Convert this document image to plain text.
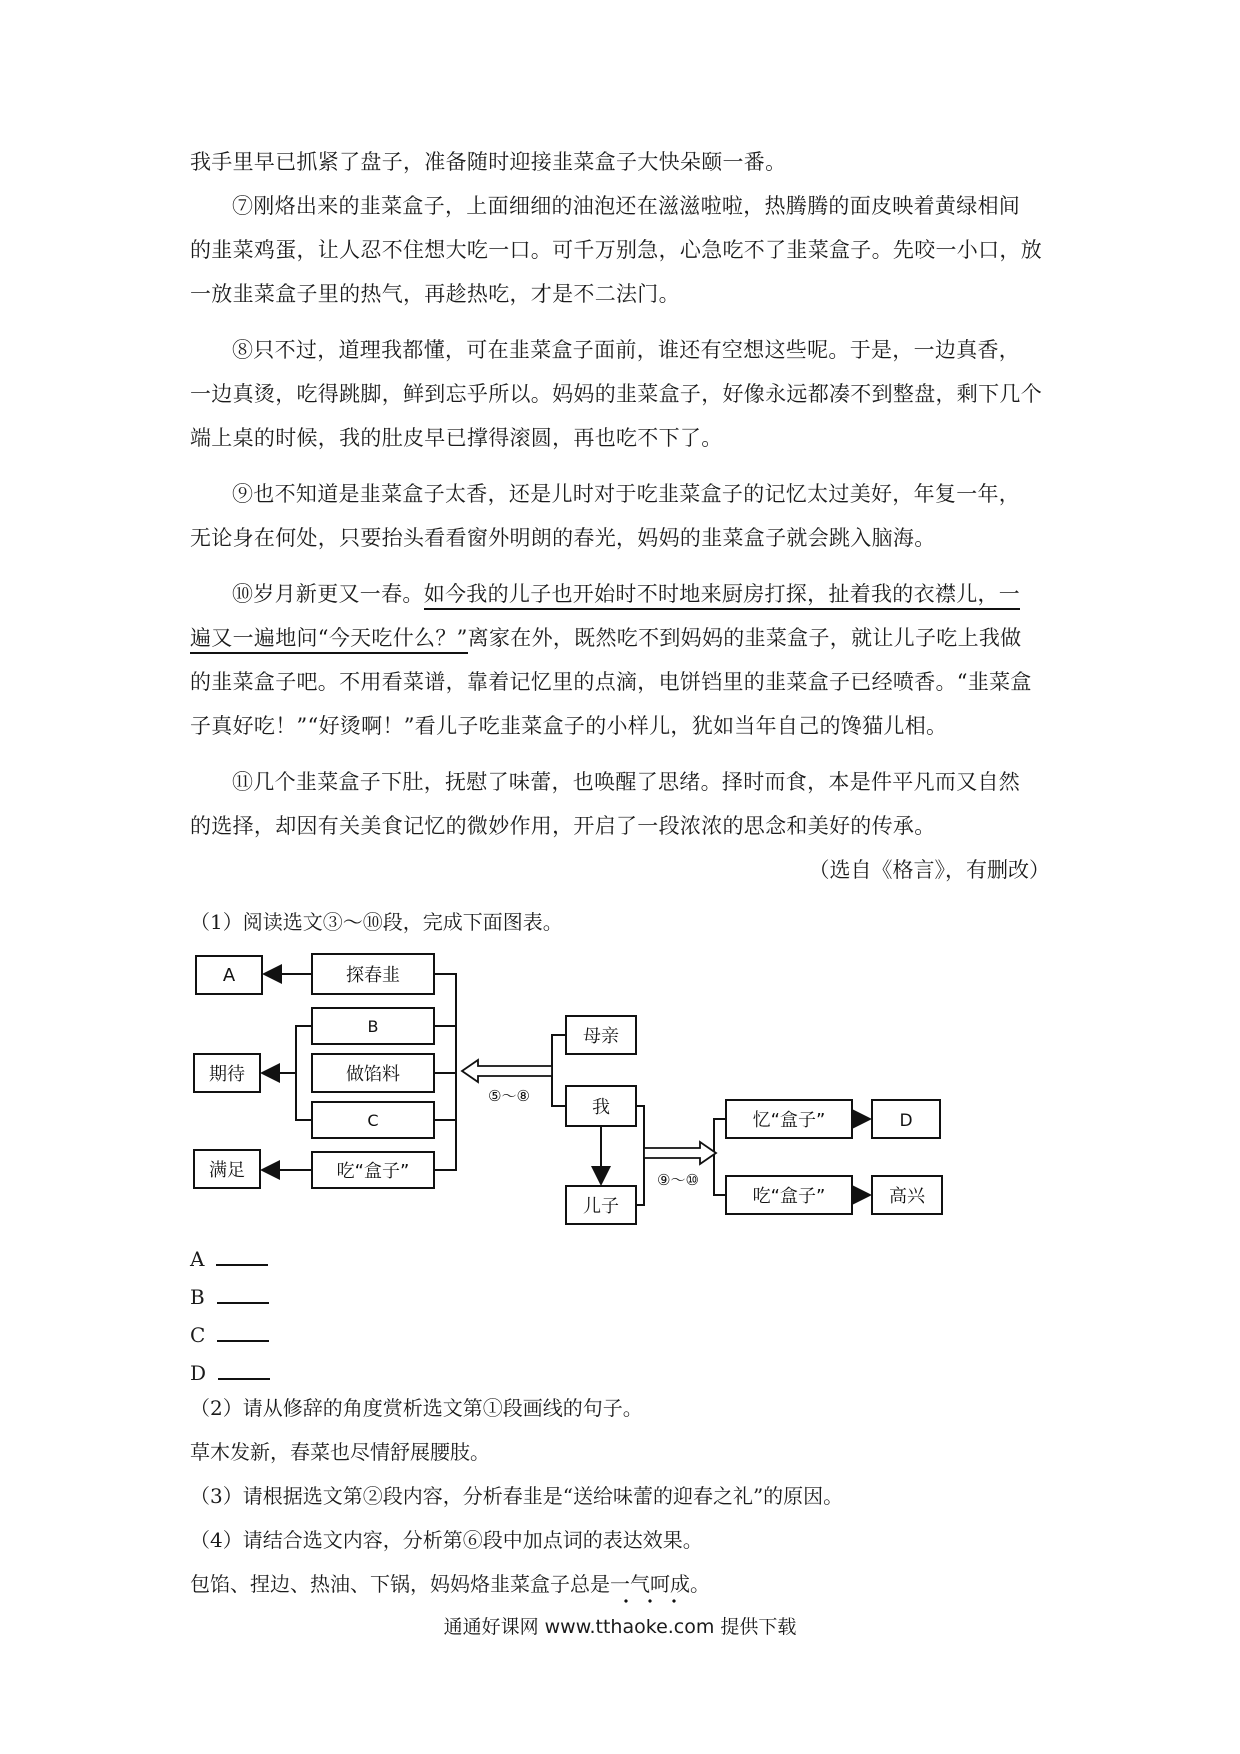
我手里早已抓紧了盘子，准备随时迎接韭菜盒子大快朵颐一番。
⑦刚烙出来的韭菜盒子，上面细细的油泡还在滋滋啦啦，热腾腾的面皮映着黄绿相间
的韭菜鸡蛋，让人忍不住想大吃一口。可千万别急，心急吃不了韭菜盒子。先咬一小口，放
一放韭菜盒子里的热气，再趁热吃，才是不二法门。
⑧只不过，道理我都懂，可在韭菜盒子面前，谁还有空想这些呢。于是，一边真香，
一边真烫，吃得跳脚，鲜到忘乎所以。妈妈的韭菜盒子，好像永远都凑不到整盘，剩下几个
端上桌的时候，我的肚皮早已撑得滚圆，再也吃不下了。
⑨也不知道是韭菜盒子太香，还是儿时对于吃韭菜盒子的记忆太过美好，年复一年，
无论身在何处，只要抬头看看窗外明朗的春光，妈妈的韭菜盒子就会跳入脑海。
⑩岁月新更又一春。如今我的儿子也开始时不时地来厨房打探，扯着我的衣襟儿，一
遍又一遍地问“今天吃什么？”离家在外，既然吃不到妈妈的韭菜盒子，就让儿子吃上我做
的韭菜盒子吧。不用看菜谱，靠着记忆里的点滴，电饼铛里的韭菜盒子已经喷香。“韭菜盒
子真好吃！”“好烫啊！”看儿子吃韭菜盒子的小样儿，犹如当年自己的馋猫儿相。
⑪几个韭菜盒子下肚，抚慰了味蕾，也唤醒了思绪。择时而食，本是件平凡而又自然
的选择，却因有关美食记忆的微妙作用，开启了一段浓浓的思念和美好的传承。
（选自《格言》，有删改）
（1）阅读选文③～⑩段，完成下面图表。
A	探春韭
B
做馅料
C
吃“盒子”
期待
满足
⑤～⑧
母亲
我
儿子
⑨～⑩
忆“盒子”	D
吃“盒子”	高兴
A
B
C
D
（2）请从修辞的角度赏析选文第①段画线的句子。
草木发新，春菜也尽情舒展腰肢。
（3）请根据选文第②段内容，分析春韭是“送给味蕾的迎春之礼”的原因。
（4）请结合选文内容，分析第⑥段中加点词的表达效果。
包馅、捏边、热油、下锅，妈妈烙韭菜盒子总是一气呵成。
通通好课网 www.tthaoke.com 提供下载
